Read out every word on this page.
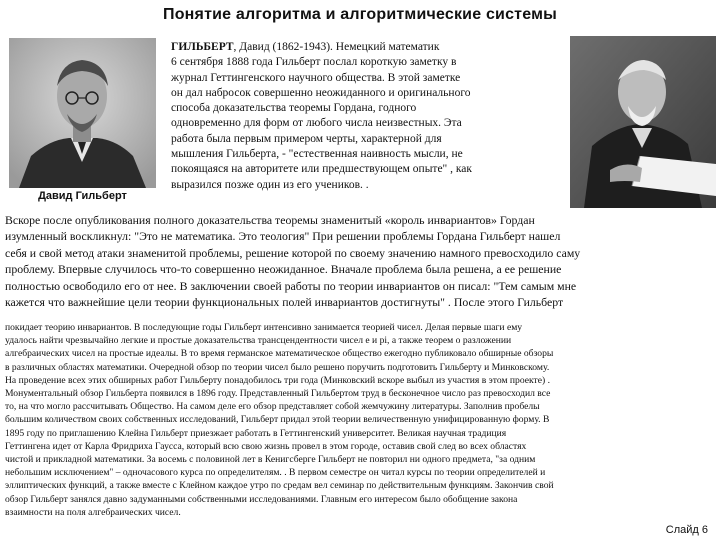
Понятие алгоритма и алгоритмические системы
Давид Гильберт
ГИЛЬБЕРТ, Давид (1862-1943). Немецкий математик
6 сентября 1888 года Гильберт послал короткую заметку в
журнал Геттингенского научного общества. В этой заметке
он дал набросок совершенно неожиданного и оригинального
способа доказательства теоремы Гордана, годного
одновременно для форм от любого числа неизвестных. Эта
работа была первым примером черты, характерной для
мышления Гильберта, - "естественная наивность мысли, не
покоящаяся на авторитете или предшествующем опыте" , как
выразился позже один из его учеников. .
Вскоре после опубликования полного доказательства теоремы знаменитый «король инвариантов» Гордан
изумленный воскликнул: "Это не математика. Это теология" При решении проблемы Гордана Гильберт нашел
себя и свой метод атаки знаменитой проблемы, решение которой по своему значению намного превосходило саму
проблему. Впервые случилось что-то совершенно неожиданное. Вначале проблема была решена, а ее решение
полностью освободило его от нее. В заключении своей работы по теории инвариантов он писал: "Тем самым мне
кажется что важнейшие цели теории функциональных полей инвариантов достигнуты" . После этого Гильберт
покидает теорию инвариантов. В последующие годы Гильберт интенсивно занимается теорией чисел. Делая первые шаги ему
удалось найти чрезвычайно легкие и простые доказательства трансцендентности чисел e и pi, а также теорем о разложении
алгебраических чисел на простые идеалы. В то время германское математическое общество ежегодно публиковало обширные обзоры
в различных областях математики. Очередной обзор по теории чисел было решено поручить подготовить Гильберту и Минковскому.
На проведение всех этих обширных работ Гильберту понадобилось три года (Минковский вскоре выбыл из участия в этом проекте) .
Монументальный обзор Гильберта появился в 1896 году. Представленный Гильбертом труд в бесконечное число раз превосходил все
то, на что могло рассчитывать Общество. На самом деле его обзор представляет собой жемчужину литературы. Заполнив пробелы
большим количеством своих собственных исследований, Гильберт придал этой теории величественную унифицированную форму. В
1895 году по приглашению Клейна Гильберт приезжает работать в Геттингенский университет. Великая научная традиция
Геттингена идет от Карла Фридриха Гаусса, который всю свою жизнь провел в этом городе, оставив свой след во всех областях
чистой и прикладной математики. За восемь с половиной лет в Кенигсберге Гильберт не повторил ни одного предмета, "за одним
небольшим исключением" – одночасового курса по определителям. . В первом семестре он читал курсы по теории определителей и
эллиптических функций, а также вместе с Клейном каждое утро по средам вел семинар по действительным функциям. Закончив свой
обзор Гильберт занялся давно задуманными собственными исследованиями. Главным его интересом было обобщение закона
взаимности на поля алгебраических чисел.
Слайд 6
